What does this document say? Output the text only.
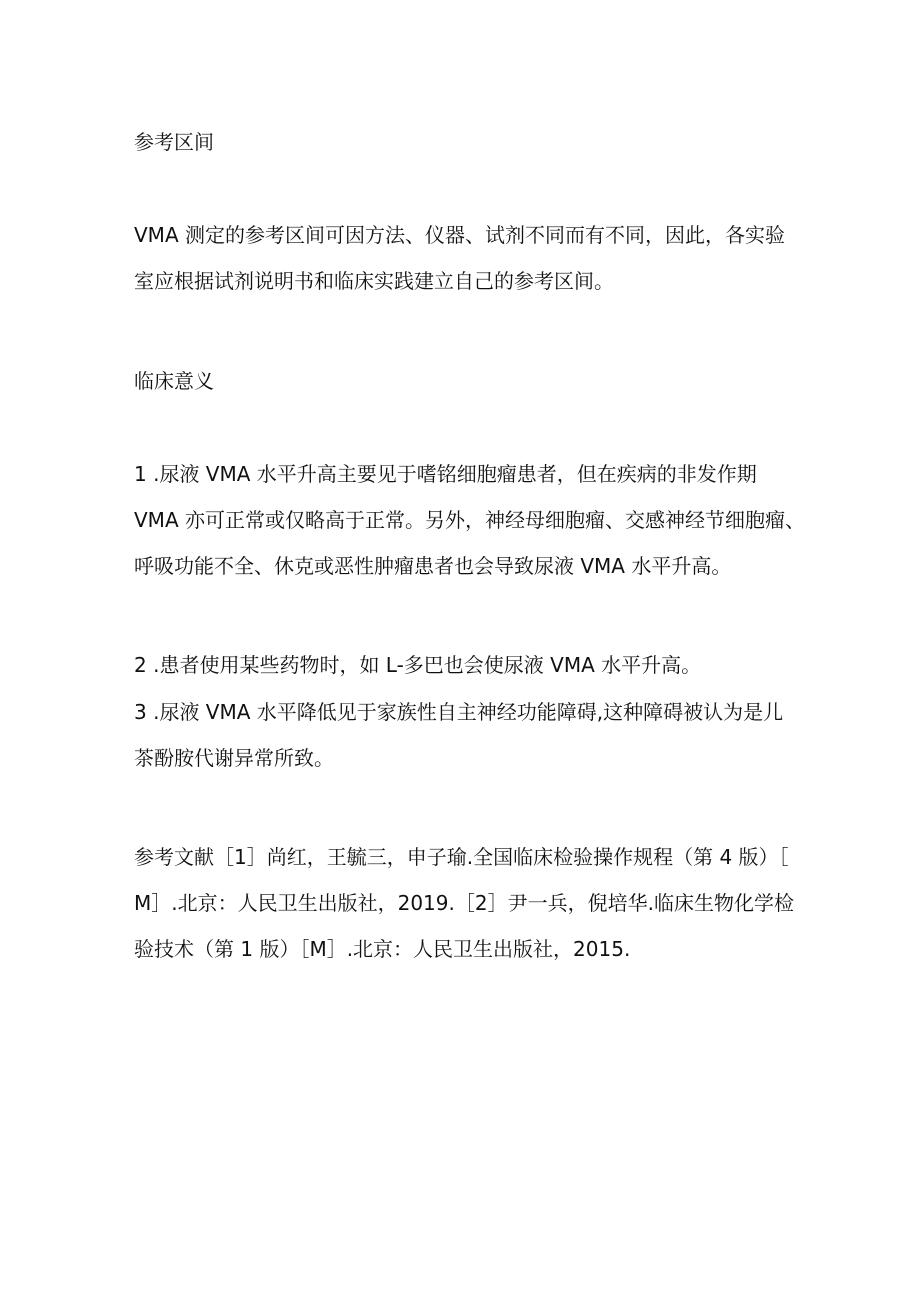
参考区间
VMA 测定的参考区间可因方法、仪器、试剂不同而有不同，因此，各实验
室应根据试剂说明书和临床实践建立自己的参考区间。
临床意义
1 .尿液 VMA 水平升高主要见于嗜铭细胞瘤患者，但在疾病的非发作期
VMA 亦可正常或仅略高于正常。另外，神经母细胞瘤、交感神经节细胞瘤、
呼吸功能不全、休克或恶性肿瘤患者也会导致尿液 VMA 水平升高。
2 .患者使用某些药物时，如 L-多巴也会使尿液 VMA 水平升高。
3 .尿液 VMA 水平降低见于家族性自主神经功能障碍,这种障碍被认为是儿
茶酚胺代谢异常所致。
参考文献［1］尚红，王毓三，申子瑜.全国临床检验操作规程（第 4 版）［
M］.北京：人民卫生出版社，2019.［2］尹一兵，倪培华.临床生物化学检
验技术（第 1 版）［M］.北京：人民卫生出版社，2015.
